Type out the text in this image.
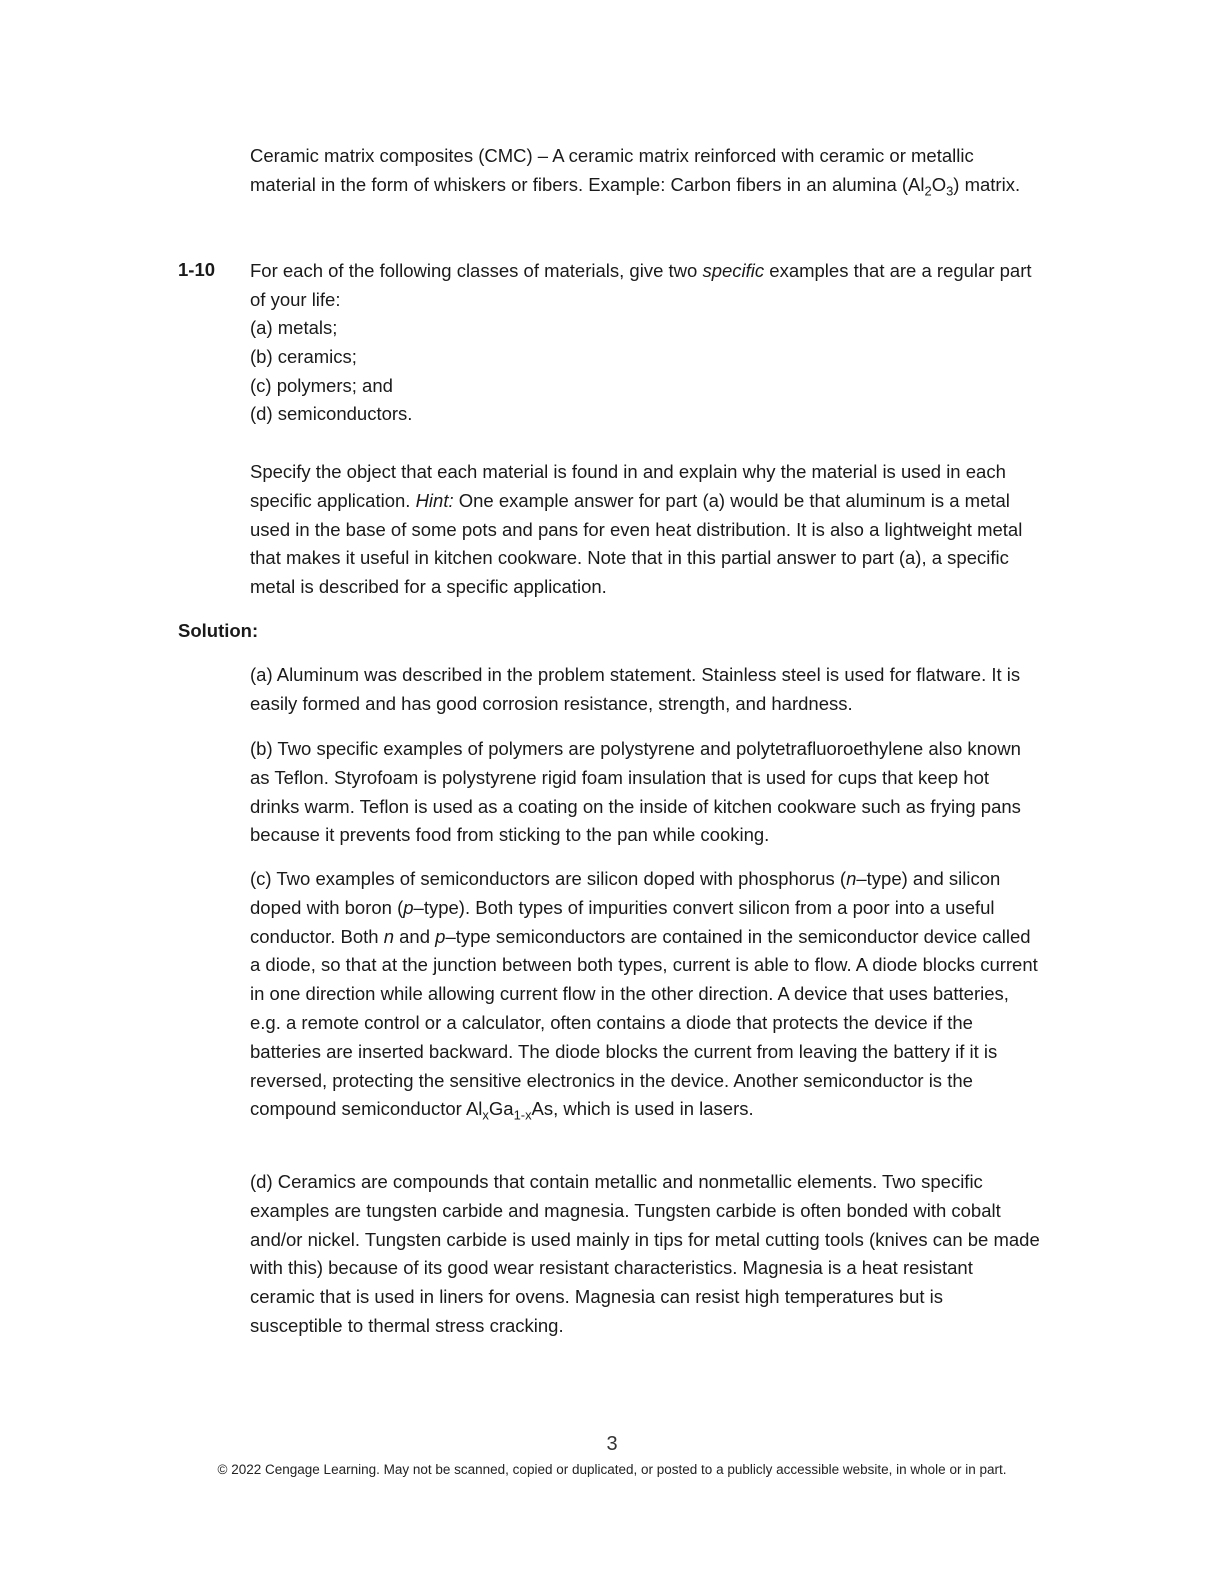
Ceramic matrix composites (CMC) – A ceramic matrix reinforced with ceramic or metallic material in the form of whiskers or fibers. Example: Carbon fibers in an alumina $(Al_2O_3)$ matrix.

1-10 For each of the following classes of materials, give two specific examples that are a regular part of your life:

(a) metals;
(b) ceramics;
(c) polymers; and
(d) semiconductors.

Specify the object that each material is found in and explain why the material is used in each specific application. Hint: One example answer for part (a) would be that aluminum is a metal used in the base of some pots and pans for even heat distribution. It is also a lightweight metal that makes it useful in kitchen cookware. Note that in this partial answer to part (a), a specific metal is described for a specific application.

Solution:

(a) Aluminum was described in the problem statement. Stainless steel is used for flatware. It is easily formed and has good corrosion resistance, strength, and hardness.

(b) Two specific examples of polymers are polystyrene and polytetrafluoroethylene also known as Teflon. Styrofoam is polystyrene rigid foam insulation that is used for cups that keep hot drinks warm. Teflon is used as a coating on the inside of kitchen cookware such as frying pans because it prevents food from sticking to the pan while cooking.

(c) Two examples of semiconductors are silicon doped with phosphorus (n–type) and silicon doped with boron (p–type). Both types of impurities convert silicon from a poor into a useful conductor. Both n and p–type semiconductors are contained in the semiconductor device called a diode, so that at the junction between both types, current is able to flow. A diode blocks current in one direction while allowing current flow in the other direction. A device that uses batteries, e.g. a remote control or a calculator, often contains a diode that protects the device if the batteries are inserted backward. The diode blocks the current from leaving the battery if it is reversed, protecting the sensitive electronics in the device. Another semiconductor is the compound semiconductor $Al_xGa_{1-x}As$, which is used in lasers.

(d) Ceramics are compounds that contain metallic and nonmetallic elements. Two specific examples are tungsten carbide and magnesia. Tungsten carbide is often bonded with cobalt and/or nickel. Tungsten carbide is used mainly in tips for metal cutting tools (knives can be made with this) because of its good wear resistant characteristics. Magnesia is a heat resistant ceramic that is used in liners for ovens. Magnesia can resist high temperatures but is susceptible to thermal stress cracking.

3
© 2022 Cengage Learning. May not be scanned, copied or duplicated, or posted to a publicly accessible website, in whole or in part.
